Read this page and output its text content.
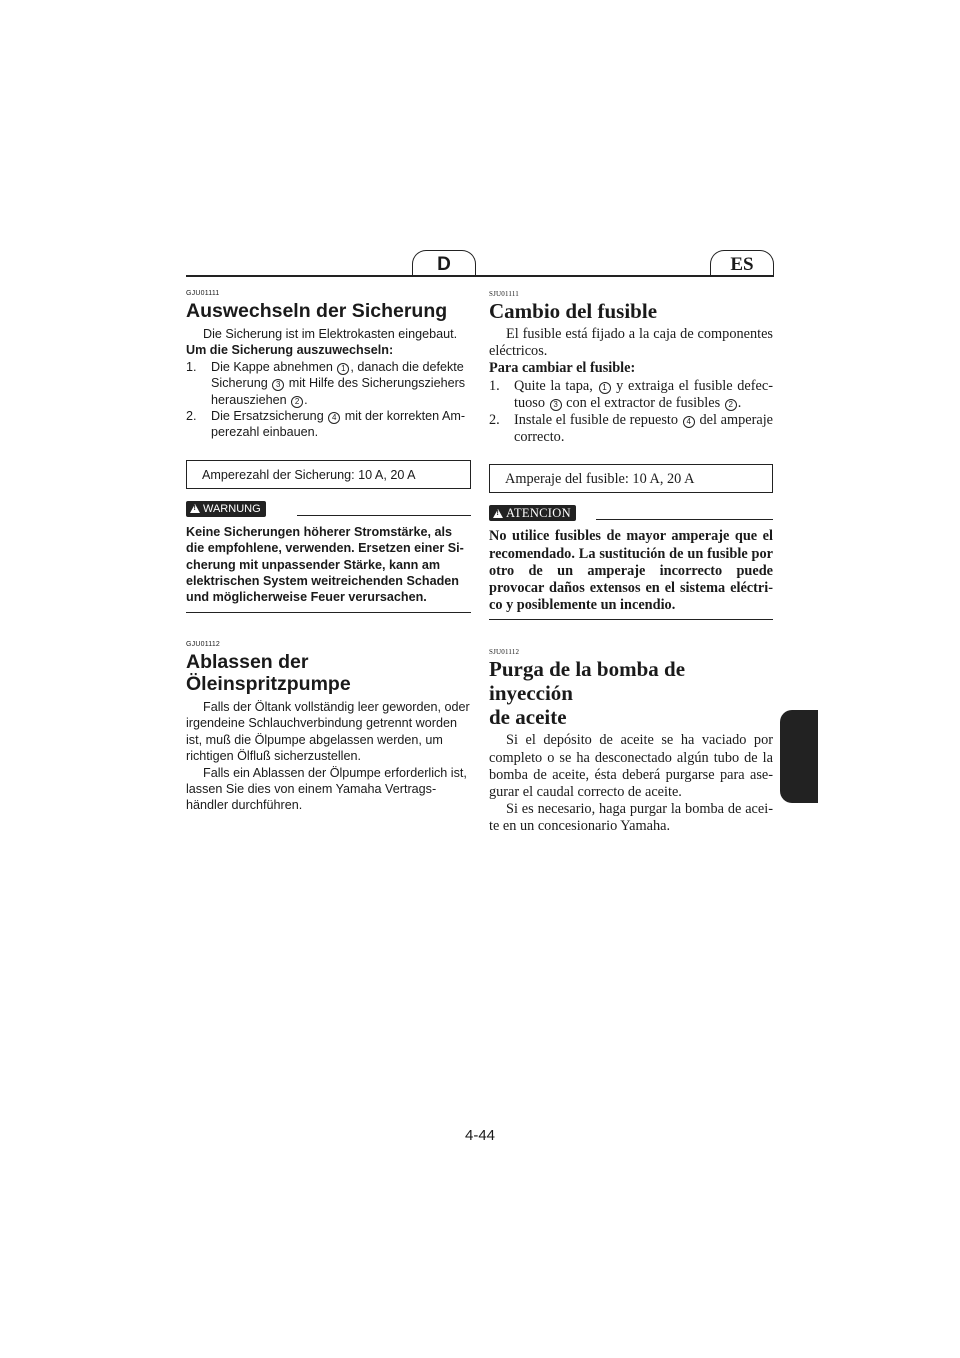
D	ES
GJU01111
Auswechseln der Sicherung

Die Sicherung ist im Elektrokasten eingebaut.

Um die Sicherung auszuwechseln:

1. Die Kappe abnehmen 1 , danach die defekte Sicherung 3 mit Hilfe des Sicherungsziehers herausziehen 2 .
2. Die Ersatzsicherung 4 mit der korrekten Amperezahl einbauen.
Amperezahl der Sicherung: 10 A, 20 A
!WARNUNG

Keine Sicherungen höherer Stromstärke, als die empfohlene, verwenden. Ersetzen einer Sicherung mit unpassender Stärke, kann am elektrischen System weitreichenden Schaden und möglicherweise Feuer verursachen.

GJU01112
Ablassen der Öleinspritzpumpe

Falls der Öltank vollständig leer geworden, oder irgendeine Schlauchverbindung getrennt worden ist, muß die Ölpumpe abgelassen werden, um richtigen Ölfluß sicherzustellen.

Falls ein Ablassen der Ölpumpe erforderlich ist, lassen Sie dies von einem Yamaha Vertragshändler durchführen.

SJU01111
Cambio del fusible

El fusible está fijado a la caja de componentes eléctricos.

Para cambiar el fusible:

1. Quite la tapa, 1 y extraiga el fusible defectuoso 3 con el extractor de fusibles 2 .
2. Instale el fusible de repuesto 4 del amperaje correcto.
Amperaje del fusible: 10 A, 20 A
!ATENCION

No utilice fusibles de mayor amperaje que el recomendado. La sustitución de un fusible por otro de un amperaje incorrecto puede provocar daños extensos en el sistema eléctrico y posiblemente un incendio.

SJU01112
Purga de la bomba de inyección
de aceite

Si el depósito de aceite se ha vaciado por completo o se ha desconectado algún tubo de la bomba de aceite, ésta deberá purgarse para asegurar el caudal correcto de aceite.

Si es necesario, haga purgar la bomba de aceite en un concesionario Yamaha.

4-44
